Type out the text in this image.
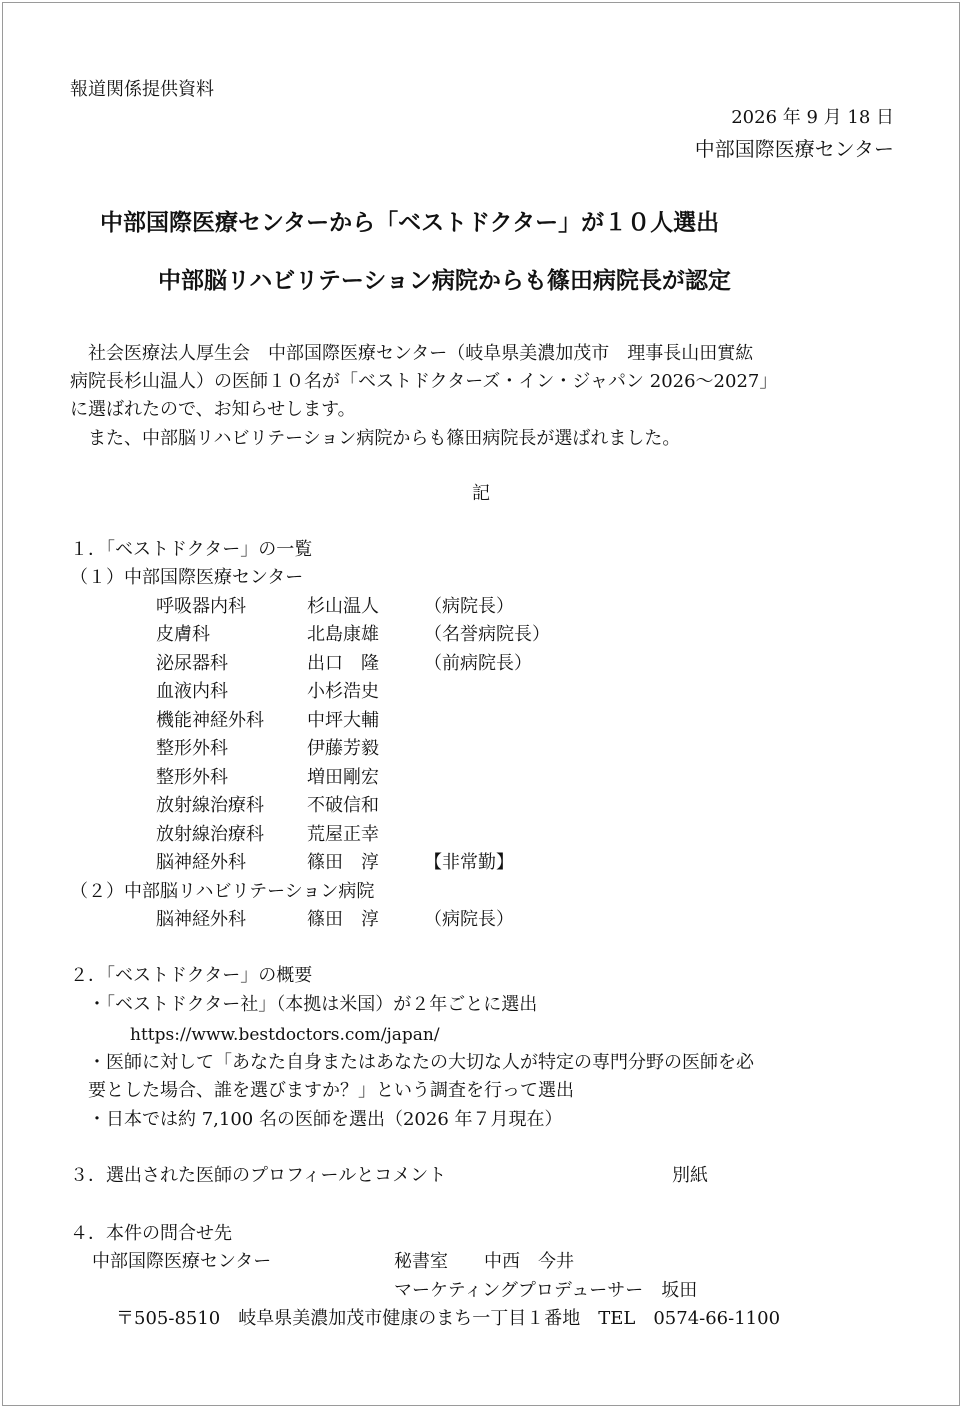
報道関係提供資料
2026 年 9 月 18 日
中部国際医療センター
中部国際医療センターから「ベストドクター」が１０人選出
中部脳リハビリテーション病院からも篠田病院長が認定
社会医療法人厚生会　中部国際医療センター（岐阜県美濃加茂市　理事長山田實紘
病院長杉山温人）の医師１０名が「ベストドクターズ・イン・ジャパン 2026～2027」
に選ばれたので、お知らせします。
また、中部脳リハビリテーション病院からも篠田病院長が選ばれました。
記
１．「ベストドクター」の一覧
（１）中部国際医療センター
呼吸器内科	杉山温人	（病院長）
皮膚科	北島康雄	（名誉病院長）
泌尿器科	出口　隆	（前病院長）
血液内科	小杉浩史
機能神経外科 中坪大輔
整形外科	伊藤芳毅
整形外科	増田剛宏
放射線治療科 不破信和
放射線治療科 荒屋正幸
脳神経外科	篠田　淳	【非常勤】
（２）中部脳リハビリテーション病院
脳神経外科	篠田　淳	（病院長）
２．「ベストドクター」の概要
・「ベストドクター社」（本拠は米国）が２年ごとに選出
https://www.bestdoctors.com/japan/
・医師に対して「あなた自身またはあなたの大切な人が特定の専門分野の医師を必
要とした場合、誰を選びますか？」という調査を行って選出
・日本では約 7,100 名の医師を選出（2026 年７月現在）
３．選出された医師のプロフィールとコメント	別紙
４．本件の問合せ先
中部国際医療センター	秘書室　　中西　今井
マーケティングプロデューサー　坂田
〒505-8510　岐阜県美濃加茂市健康のまち一丁目１番地　TEL　0574-66-1100
